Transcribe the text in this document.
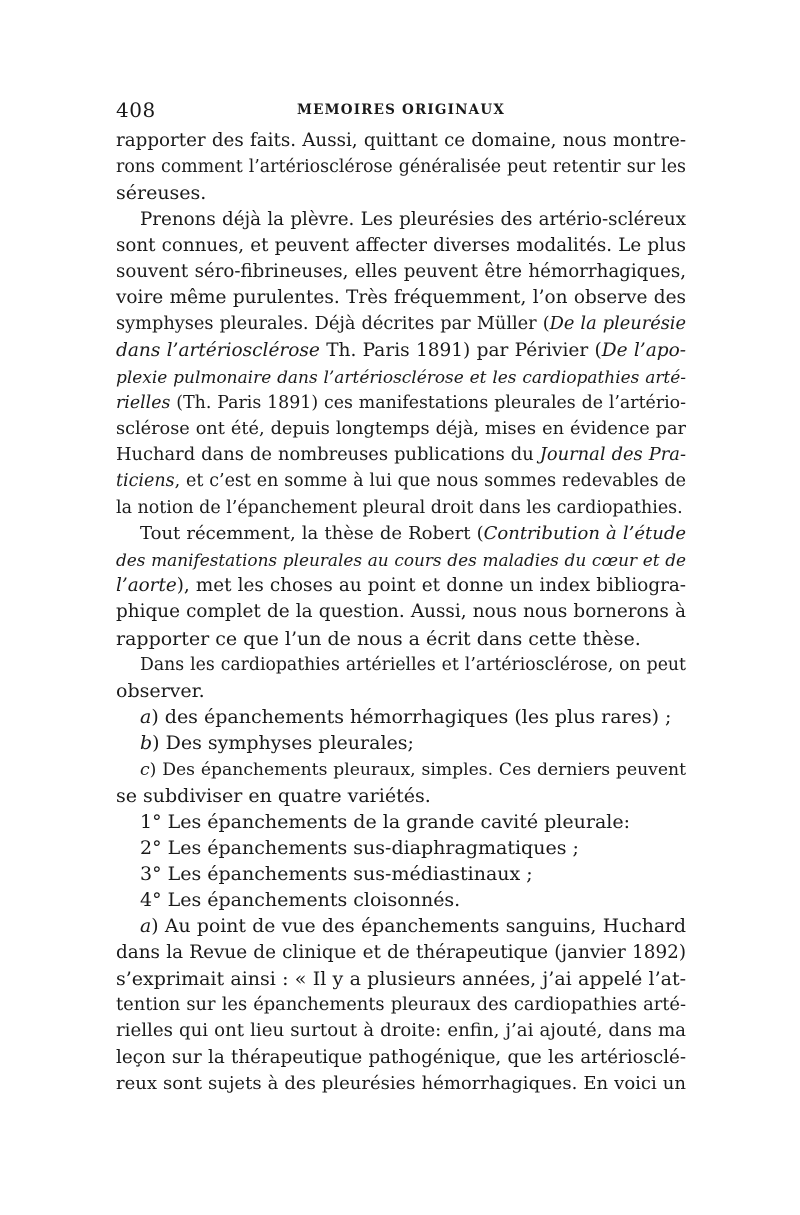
408	MEMOIRES ORIGINAUX
rapporter des faits. Aussi, quittant ce domaine, nous montre-
rons comment l’artériosclérose généralisée peut retentir sur les
séreuses.
Prenons déjà la plèvre. Les pleurésies des artério-scléreux
sont connues, et peuvent affecter diverses modalités. Le plus
souvent séro-fibrineuses, elles peuvent être hémorrhagiques,
voire même purulentes. Très fréquemment, l’on observe des
symphyses pleurales. Déjà décrites par Müller (De la pleurésie
dans l’artériosclérose Th. Paris 1891) par Périvier (De l’apo-
plexie pulmonaire dans l’artériosclérose et les cardiopathies arté-
rielles (Th. Paris 1891) ces manifestations pleurales de l’artério-
sclérose ont été, depuis longtemps déjà, mises en évidence par
Huchard dans de nombreuses publications du Journal des Pra-
ticiens, et c’est en somme à lui que nous sommes redevables de
la notion de l’épanchement pleural droit dans les cardiopathies.
Tout récemment, la thèse de Robert (Contribution à l’étude
des manifestations pleurales au cours des maladies du cœur et de
l’aorte), met les choses au point et donne un index bibliogra-
phique complet de la question. Aussi, nous nous bornerons à
rapporter ce que l’un de nous a écrit dans cette thèse.
Dans les cardiopathies artérielles et l’artériosclérose, on peut
observer.
a) des épanchements hémorrhagiques (les plus rares) ;
b) Des symphyses pleurales;
c) Des épanchements pleuraux, simples. Ces derniers peuvent
se subdiviser en quatre variétés.
1° Les épanchements de la grande cavité pleurale:
2° Les épanchements sus-diaphragmatiques ;
3° Les épanchements sus-médiastinaux ;
4° Les épanchements cloisonnés.
a) Au point de vue des épanchements sanguins, Huchard
dans la Revue de clinique et de thérapeutique (janvier 1892)
s’exprimait ainsi : « Il y a plusieurs années, j’ai appelé l’at-
tention sur les épanchements pleuraux des cardiopathies arté-
rielles qui ont lieu surtout à droite: enfin, j’ai ajouté, dans ma
leçon sur la thérapeutique pathogénique, que les artériosclé-
reux sont sujets à des pleurésies hémorrhagiques. En voici un
